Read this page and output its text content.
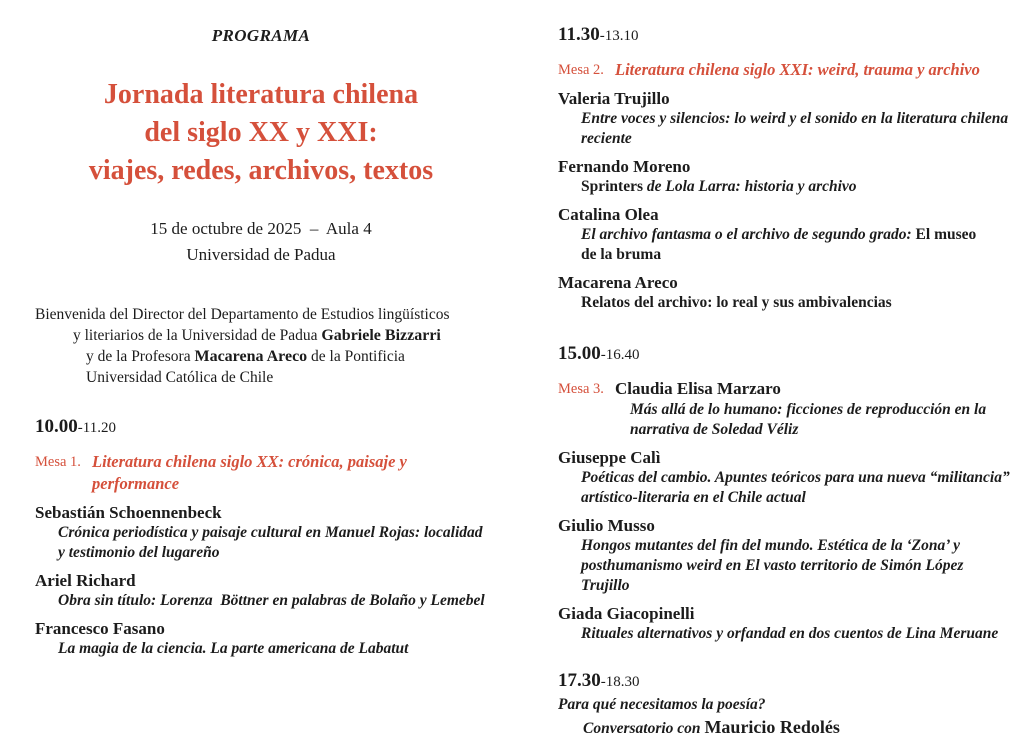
PROGRAMA
Jornada literatura chilena
del siglo XX y XXI:
viajes, redes, archivos, textos
15 de octubre de 2025  –  Aula 4
Universidad de Padua
Bienvenida del Director del Departamento de Estudios lingüísticos
y literiarios de la Universidad de Padua Gabriele Bizzarri
y de la Profesora Macarena Areco de la Pontificia
Universidad Católica de Chile
10.00-11.20
Mesa 1. Literatura chilena siglo XX: crónica, paisaje y
performance
Sebastián Schoennenbeck
Crónica periodística y paisaje cultural en Manuel Rojas: localidad
y testimonio del lugareño
Ariel Richard
Obra sin título: Lorenza  Böttner en palabras de Bolaño y Lemebel
Francesco Fasano
La magia de la ciencia. La parte americana de Labatut
11.30-13.10
Mesa 2. Literatura chilena siglo XXI: weird, trauma y archivo
Valeria Trujillo
Entre voces y silencios: lo weird y el sonido en la literatura chilena
reciente
Fernando Moreno
Sprinters de Lola Larra: historia y archivo
Catalina Olea
El archivo fantasma o el archivo de segundo grado: El museo
de la bruma
Macarena Areco
Relatos del archivo: lo real y sus ambivalencias
15.00-16.40
Mesa 3. Claudia Elisa Marzaro
Más allá de lo humano: ficciones de reproducción en la
narrativa de Soledad Véliz
Giuseppe Calì
Poéticas del cambio. Apuntes teóricos para una nueva “militancia”
artístico-literaria en el Chile actual
Giulio Musso
Hongos mutantes del fin del mundo. Estética de la ‘Zona’ y
posthumanismo weird en El vasto territorio de Simón López Trujillo
Giada Giacopinelli
Rituales alternativos y orfandad en dos cuentos de Lina Meruane
17.30-18.30
Para qué necesitamos la poesía?
Conversatorio con Mauricio Redolés
